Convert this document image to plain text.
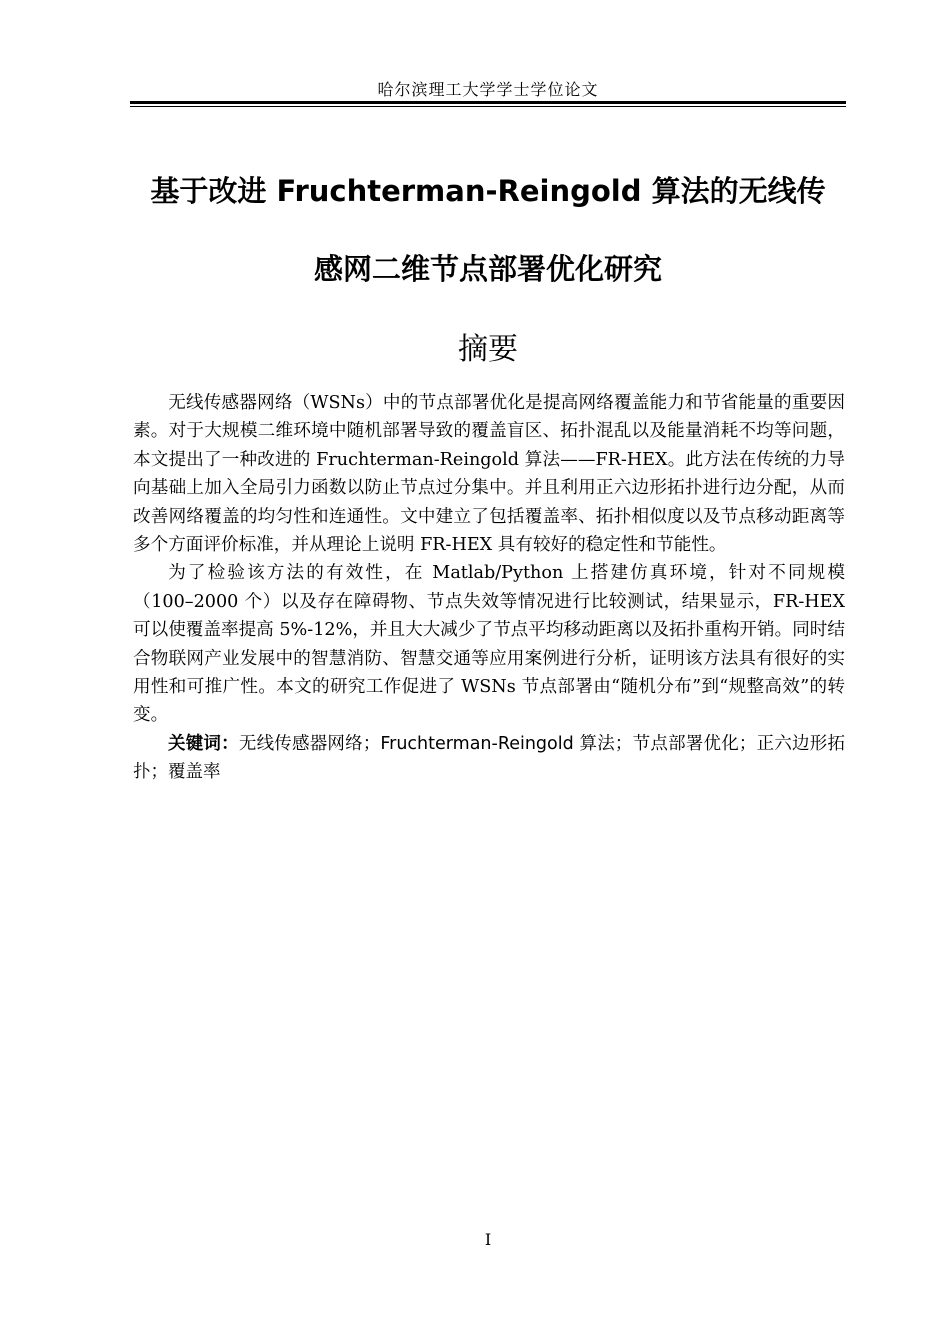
哈尔滨理工大学学士学位论文
基于改进 Fruchterman-Reingold 算法的无线传
感网二维节点部署优化研究
摘要

无线传感器网络（WSNs）中的节点部署优化是提高网络覆盖能力和节省能量的重要因素。对于大规模二维环境中随机部署导致的覆盖盲区、拓扑混乱以及能量消耗不均等问题，本文提出了一种改进的 Fruchterman-Reingold 算法——FR-HEX。此方法在传统的力导向基础上加入全局引力函数以防止节点过分集中。并且利用正六边形拓扑进行边分配，从而改善网络覆盖的均匀性和连通性。文中建立了包括覆盖率、拓扑相似度以及节点移动距离等多个方面评价标准，并从理论上说明 FR-HEX 具有较好的稳定性和节能性。

为了检验该方法的有效性，在 Matlab/Python 上搭建仿真环境，针对不同规模（100–2000 个）以及存在障碍物、节点失效等情况进行比较测试，结果显示，FR-HEX 可以使覆盖率提高 5%-12%，并且大大减少了节点平均移动距离以及拓扑重构开销。同时结合物联网产业发展中的智慧消防、智慧交通等应用案例进行分析，证明该方法具有很好的实用性和可推广性。本文的研究工作促进了 WSNs 节点部署由“随机分布”到“规整高效”的转变。

关键词：无线传感器网络；Fruchterman-Reingold 算法；节点部署优化；正六边形拓扑；覆盖率

I
